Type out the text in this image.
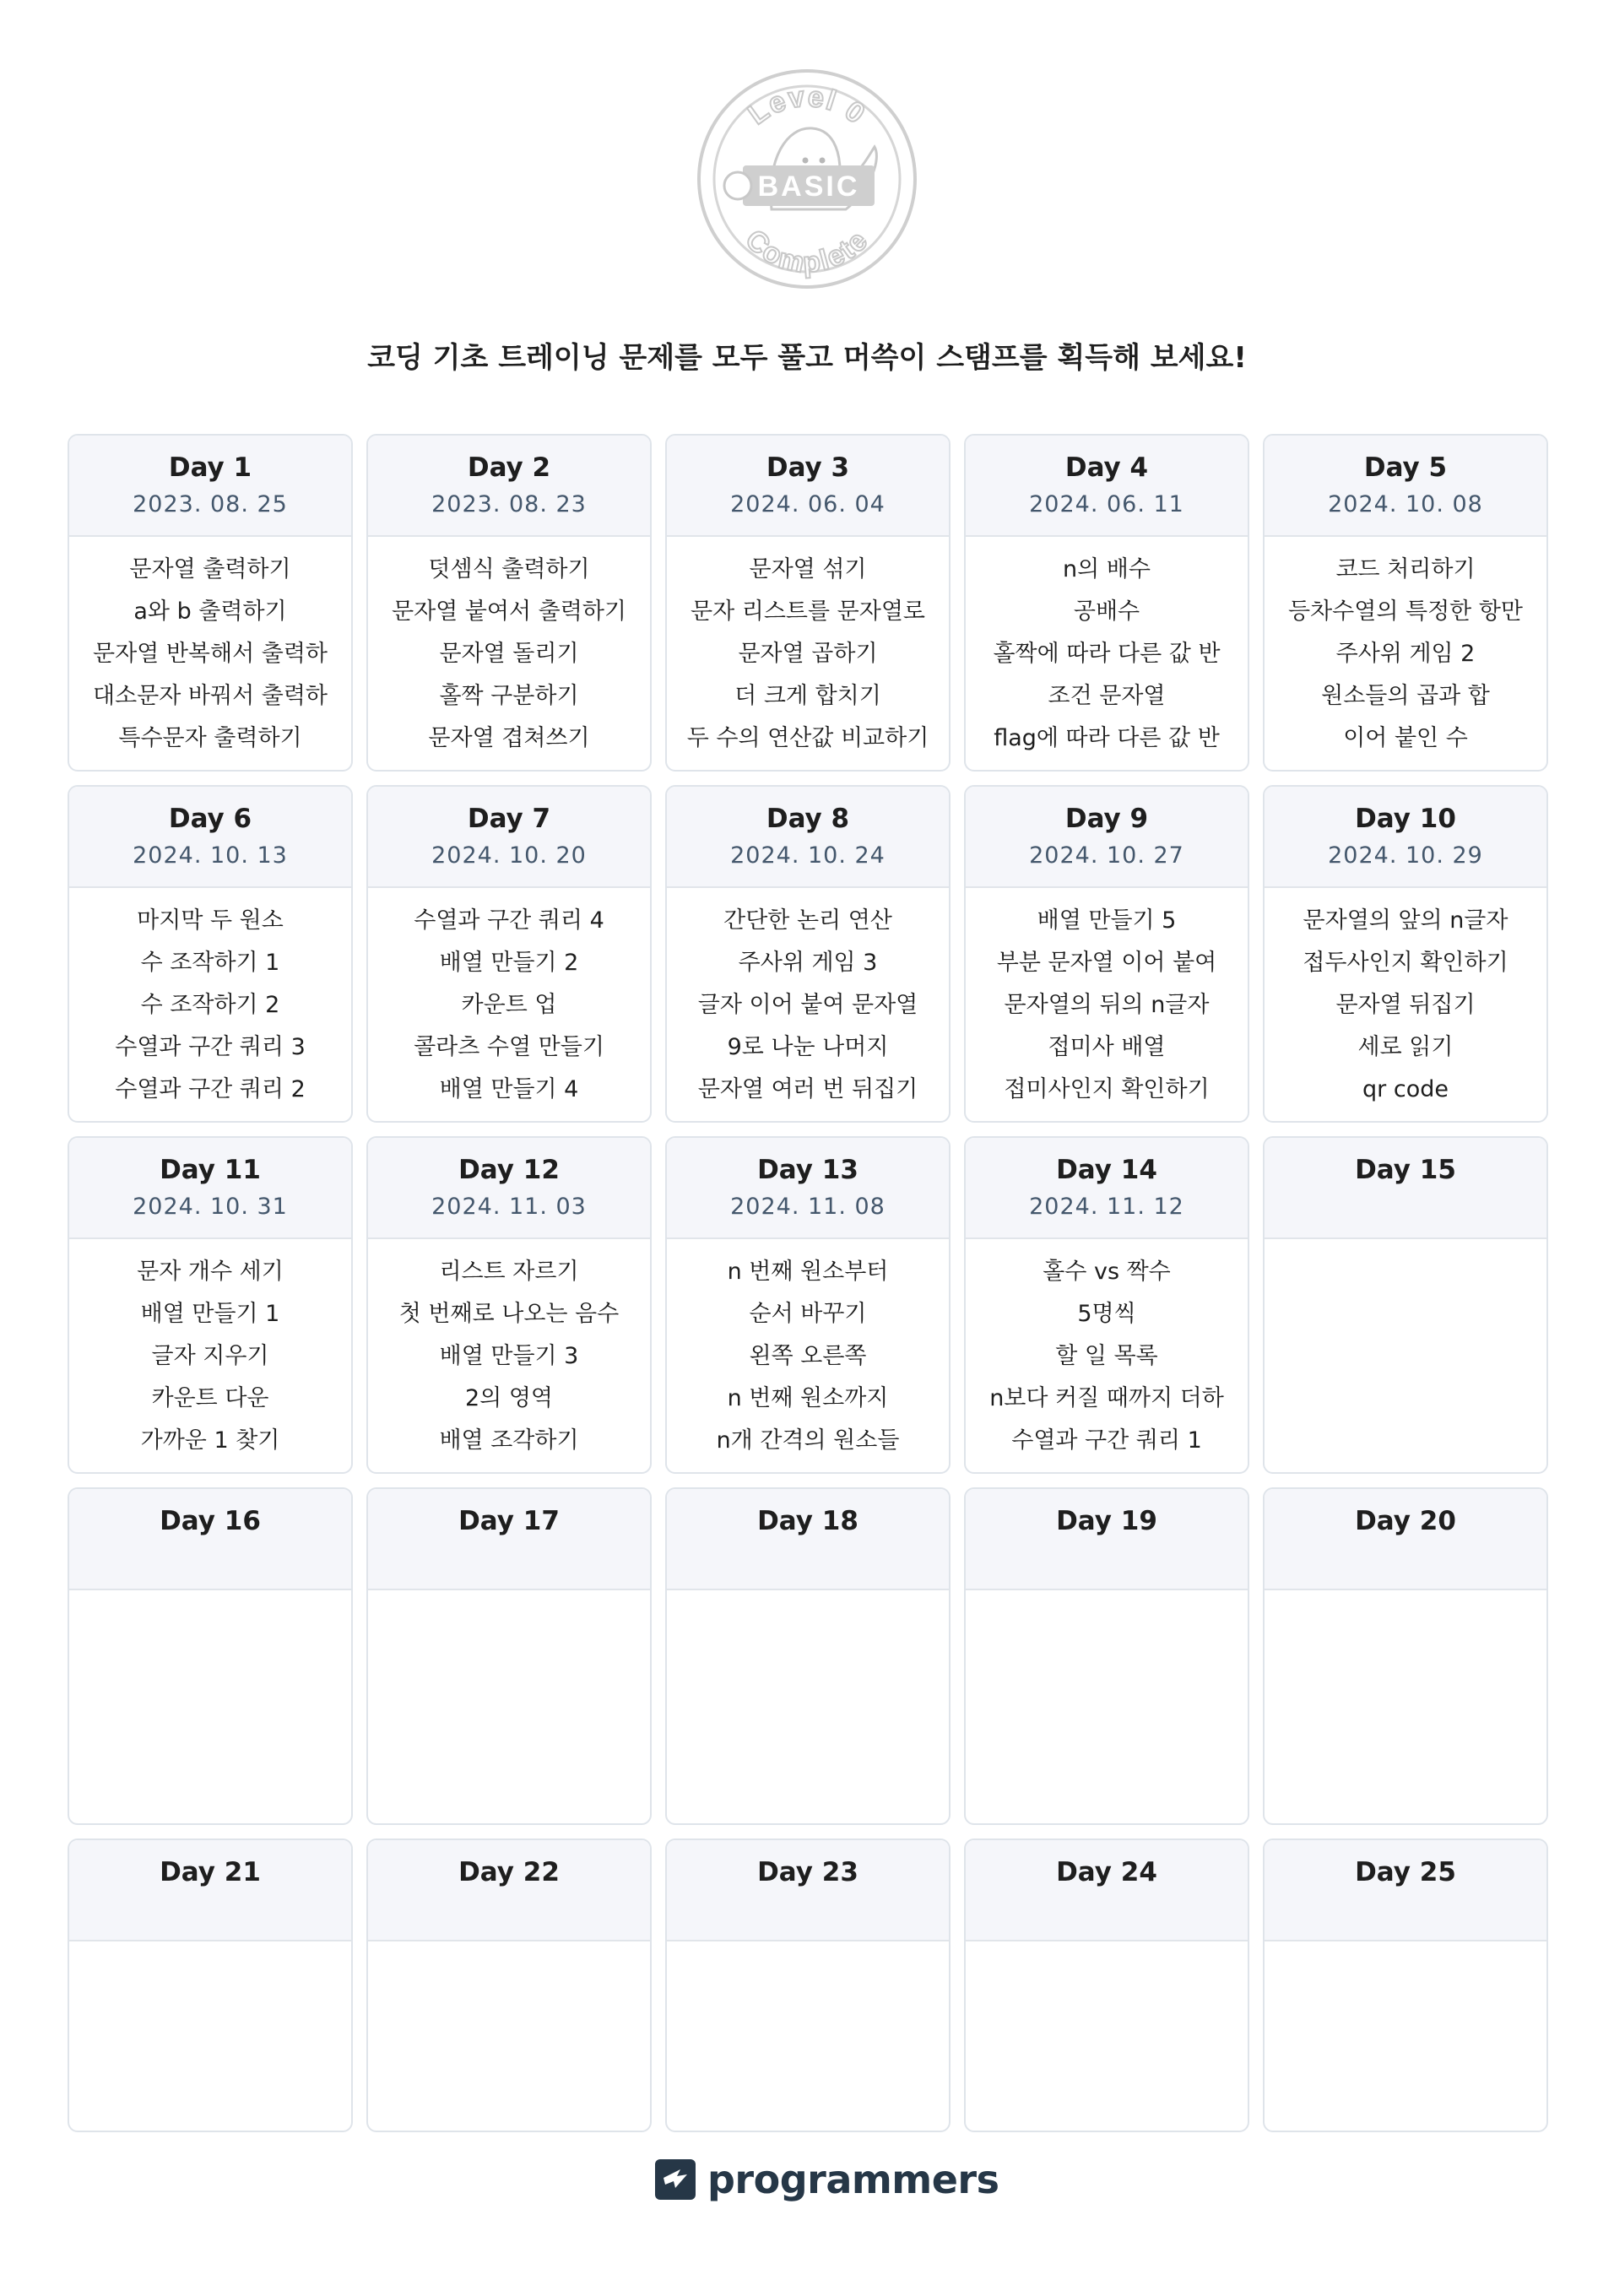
Level 0
BASIC
Complete
코딩 기초 트레이닝 문제를 모두 풀고 머쓱이 스탬프를 획득해 보세요!
Day 1
2023. 08. 25
문자열 출력하기
a와 b 출력하기
문자열 반복해서 출력하
대소문자 바꿔서 출력하
특수문자 출력하기
Day 2
2023. 08. 23
덧셈식 출력하기
문자열 붙여서 출력하기
문자열 돌리기
홀짝 구분하기
문자열 겹쳐쓰기
Day 3
2024. 06. 04
문자열 섞기
문자 리스트를 문자열로
문자열 곱하기
더 크게 합치기
두 수의 연산값 비교하기
Day 4
2024. 06. 11
n의 배수
공배수
홀짝에 따라 다른 값 반
조건 문자열
flag에 따라 다른 값 반
Day 5
2024. 10. 08
코드 처리하기
등차수열의 특정한 항만
주사위 게임 2
원소들의 곱과 합
이어 붙인 수
Day 6
2024. 10. 13
마지막 두 원소
수 조작하기 1
수 조작하기 2
수열과 구간 쿼리 3
수열과 구간 쿼리 2
Day 7
2024. 10. 20
수열과 구간 쿼리 4
배열 만들기 2
카운트 업
콜라츠 수열 만들기
배열 만들기 4
Day 8
2024. 10. 24
간단한 논리 연산
주사위 게임 3
글자 이어 붙여 문자열
9로 나눈 나머지
문자열 여러 번 뒤집기
Day 9
2024. 10. 27
배열 만들기 5
부분 문자열 이어 붙여
문자열의 뒤의 n글자
접미사 배열
접미사인지 확인하기
Day 10
2024. 10. 29
문자열의 앞의 n글자
접두사인지 확인하기
문자열 뒤집기
세로 읽기
qr code
Day 11
2024. 10. 31
문자 개수 세기
배열 만들기 1
글자 지우기
카운트 다운
가까운 1 찾기
Day 12
2024. 11. 03
리스트 자르기
첫 번째로 나오는 음수
배열 만들기 3
2의 영역
배열 조각하기
Day 13
2024. 11. 08
n 번째 원소부터
순서 바꾸기
왼쪽 오른쪽
n 번째 원소까지
n개 간격의 원소들
Day 14
2024. 11. 12
홀수 vs 짝수
5명씩
할 일 목록
n보다 커질 때까지 더하
수열과 구간 쿼리 1
Day 15
Day 16	Day 17	Day 18	Day 19	Day 20
Day 21	Day 22	Day 23	Day 24	Day 25
programmers
